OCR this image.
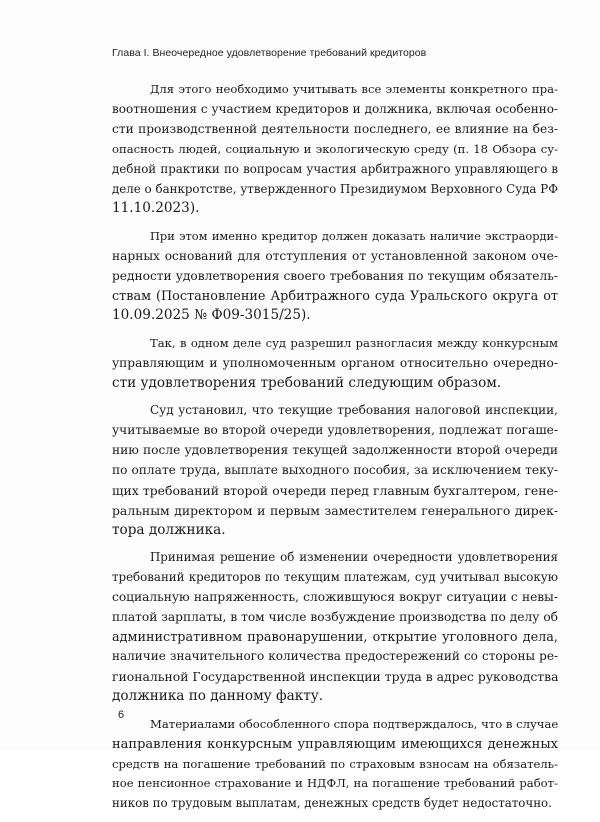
Глава I. Внеочередное удовлетворение требований кредиторов

Для этого необходимо учитывать все элементы конкретного пра-
воотношения с участием кредиторов и должника, включая особенно-
сти производственной деятельности последнего, ее влияние на без-
опасность людей, социальную и экологическую среду (п. 18 Обзора су-
дебной практики по вопросам участия арбитражного управляющего в
деле о банкротстве, утвержденного Президиумом Верховного Суда РФ
11.10.2023).

При этом именно кредитор должен доказать наличие экстраорди-
нарных оснований для отступления от установленной законом оче-
редности удовлетворения своего требования по текущим обязатель-
ствам (Постановление Арбитражного суда Уральского округа от
10.09.2025 № Ф09-3015/25).

Так, в одном деле суд разрешил разногласия между конкурсным
управляющим и уполномоченным органом относительно очередно-
сти удовлетворения требований следующим образом.

Суд установил, что текущие требования налоговой инспекции,
учитываемые во второй очереди удовлетворения, подлежат погаше-
нию после удовлетворения текущей задолженности второй очереди
по оплате труда, выплате выходного пособия, за исключением теку-
щих требований второй очереди перед главным бухгалтером, гене-
ральным директором и первым заместителем генерального дирек-
тора должника.

Принимая решение об изменении очередности удовлетворения
требований кредиторов по текущим платежам, суд учитывал высокую
социальную напряженность, сложившуюся вокруг ситуации с невы-
платой зарплаты, в том числе возбуждение производства по делу об
административном правонарушении, открытие уголовного дела,
наличие значительного количества предостережений со стороны ре-
гиональной Государственной инспекции труда в адрес руководства
должника по данному факту.

Материалами обособленного спора подтверждалось, что в случае
направления конкурсным управляющим имеющихся денежных
средств на погашение требований по страховым взносам на обязатель-
ное пенсионное страхование и НДФЛ, на погашение требований работ-
ников по трудовым выплатам, денежных средств будет недостаточно.

6
